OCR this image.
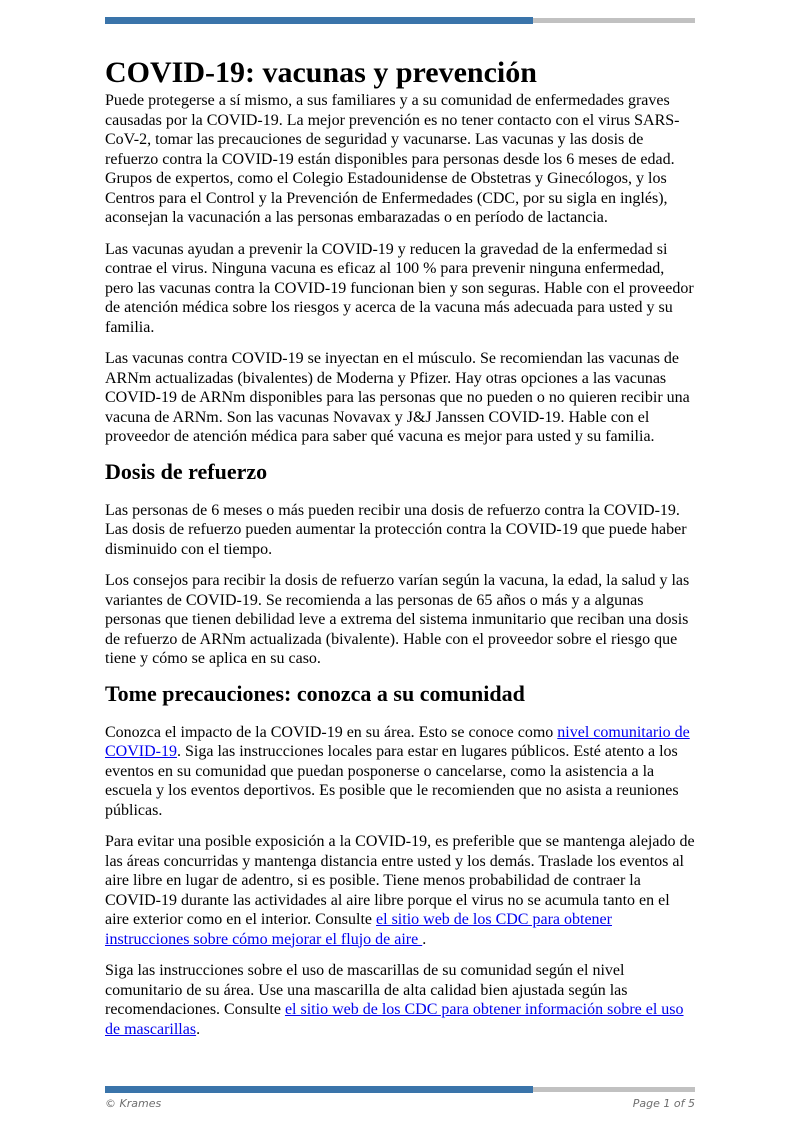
COVID-19: vacunas y prevención

Puede protegerse a sí mismo, a sus familiares y a su comunidad de enfermedades graves causadas por la COVID-19. La mejor prevención es no tener contacto con el virus SARS-CoV-2, tomar las precauciones de seguridad y vacunarse. Las vacunas y las dosis de refuerzo contra la COVID-19 están disponibles para personas desde los 6 meses de edad. Grupos de expertos, como el Colegio Estadounidense de Obstetras y Ginecólogos, y los Centros para el Control y la Prevención de Enfermedades (CDC, por su sigla en inglés), aconsejan la vacunación a las personas embarazadas o en período de lactancia.

Las vacunas ayudan a prevenir la COVID-19 y reducen la gravedad de la enfermedad si contrae el virus. Ninguna vacuna es eficaz al 100 % para prevenir ninguna enfermedad, pero las vacunas contra la COVID-19 funcionan bien y son seguras. Hable con el proveedor de atención médica sobre los riesgos y acerca de la vacuna más adecuada para usted y su familia.

Las vacunas contra COVID-19 se inyectan en el músculo. Se recomiendan las vacunas de ARNm actualizadas (bivalentes) de Moderna y Pfizer. Hay otras opciones a las vacunas COVID-19 de ARNm disponibles para las personas que no pueden o no quieren recibir una vacuna de ARNm. Son las vacunas Novavax y J&J Janssen COVID-19. Hable con el proveedor de atención médica para saber qué vacuna es mejor para usted y su familia.

Dosis de refuerzo

Las personas de 6 meses o más pueden recibir una dosis de refuerzo contra la COVID-19. Las dosis de refuerzo pueden aumentar la protección contra la COVID-19 que puede haber disminuido con el tiempo.

Los consejos para recibir la dosis de refuerzo varían según la vacuna, la edad, la salud y las variantes de COVID-19. Se recomienda a las personas de 65 años o más y a algunas personas que tienen debilidad leve a extrema del sistema inmunitario que reciban una dosis de refuerzo de ARNm actualizada (bivalente). Hable con el proveedor sobre el riesgo que tiene y cómo se aplica en su caso.

Tome precauciones: conozca a su comunidad

Conozca el impacto de la COVID-19 en su área. Esto se conoce como nivel comunitario de COVID-19. Siga las instrucciones locales para estar en lugares públicos. Esté atento a los eventos en su comunidad que puedan posponerse o cancelarse, como la asistencia a la escuela y los eventos deportivos. Es posible que le recomienden que no asista a reuniones públicas.

Para evitar una posible exposición a la COVID-19, es preferible que se mantenga alejado de las áreas concurridas y mantenga distancia entre usted y los demás. Traslade los eventos al aire libre en lugar de adentro, si es posible. Tiene menos probabilidad de contraer la COVID-19 durante las actividades al aire libre porque el virus no se acumula tanto en el aire exterior como en el interior. Consulte el sitio web de los CDC para obtener instrucciones sobre cómo mejorar el flujo de aire .

Siga las instrucciones sobre el uso de mascarillas de su comunidad según el nivel comunitario de su área. Use una mascarilla de alta calidad bien ajustada según las recomendaciones. Consulte el sitio web de los CDC para obtener información sobre el uso de mascarillas.

© Krames	Page 1 of 5
